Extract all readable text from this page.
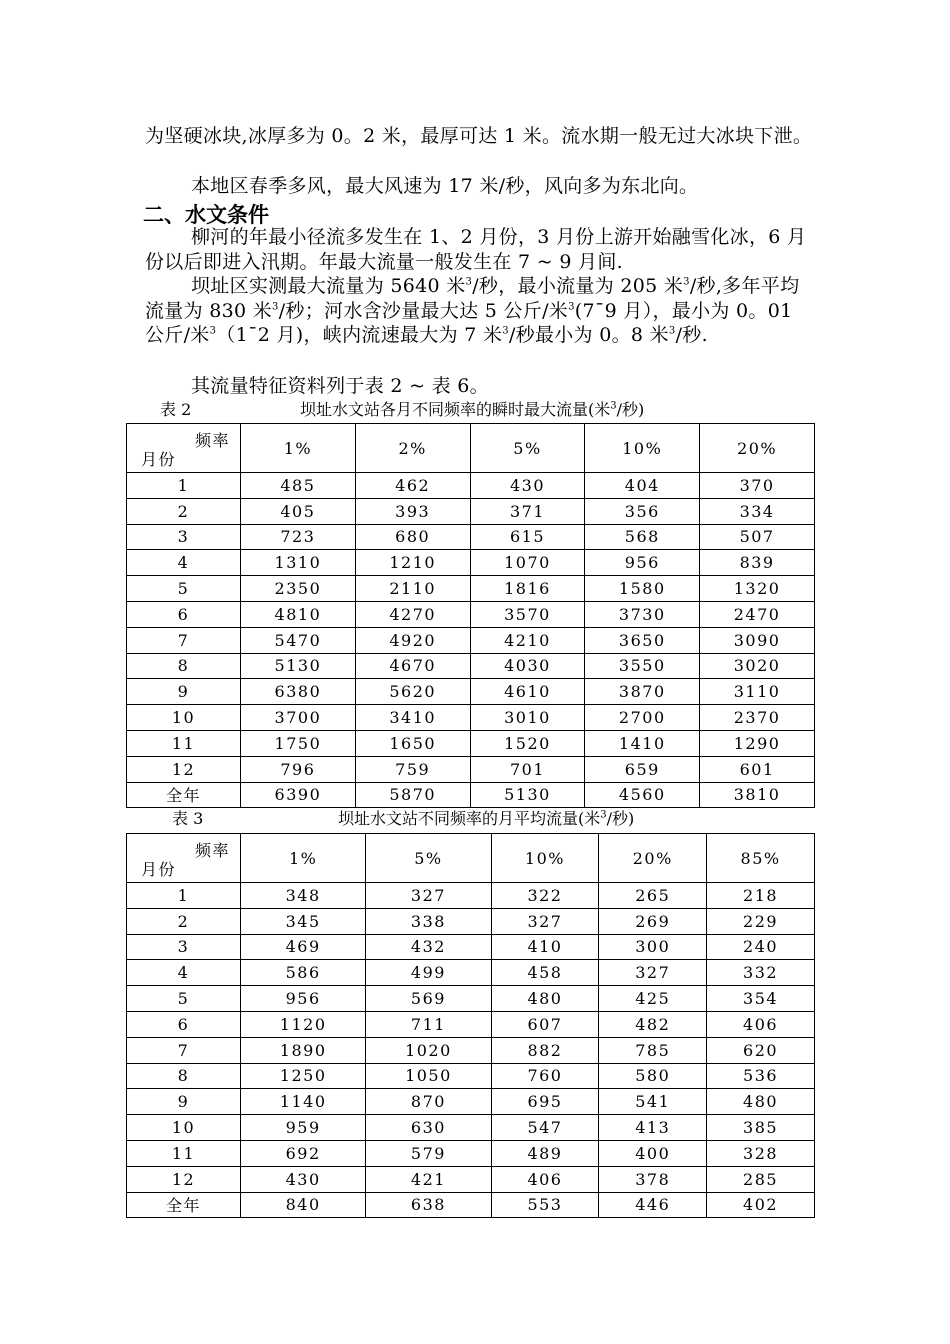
为坚硬冰块,冰厚多为 0。2 米，最厚可达 1 米。流水期一般无过大冰块下泄。

本地区春季多风，最大风速为 17 米/秒，风向多为东北向。

二、水文条件

柳河的年最小径流多发生在 1、2 月份，3 月份上游开始融雪化冰，6 月份以后即进入汛期。年最大流量一般发生在 7 ~ 9 月间.

坝址区实测最大流量为 5640 米$^3$/秒，最小流量为 205 米$^3$/秒,多年平均流量为 830 米$^3$/秒；河水含沙量最大达 5 公斤/米$^3$(7¯9 月），最小为 0。01 公斤/米$^3$（1¯2 月)，峡内流速最大为 7 米$^3$/秒最小为 0。8 米$^3$/秒.

其流量特征资料列于表 2 ~ 表 6。

表 2	坝址水文站各月不同频率的瞬时最大流量(米$^3$/秒)

频率
月份	1%	2%	5%	10%	20%
1	485	462	430	404	370
2	405	393	371	356	334
3	723	680	615	568	507
4	1310	1210	1070	956	839
5	2350	2110	1816	1580	1320
6	4810	4270	3570	3730	2470
7	5470	4920	4210	3650	3090
8	5130	4670	4030	3550	3020
9	6380	5620	4610	3870	3110
10	3700	3410	3010	2700	2370
11	1750	1650	1520	1410	1290
12	796	759	701	659	601
全年	6390	5870	5130	4560	3810

表 3	坝址水文站不同频率的月平均流量(米$^3$/秒)

频率
月份	1%	5%	10%	20%	85%
1	348	327	322	265	218
2	345	338	327	269	229
3	469	432	410	300	240
4	586	499	458	327	332
5	956	569	480	425	354
6	1120	711	607	482	406
7	1890	1020	882	785	620
8	1250	1050	760	580	536
9	1140	870	695	541	480
10	959	630	547	413	385
11	692	579	489	400	328
12	430	421	406	378	285
全年	840	638	553	446	402
